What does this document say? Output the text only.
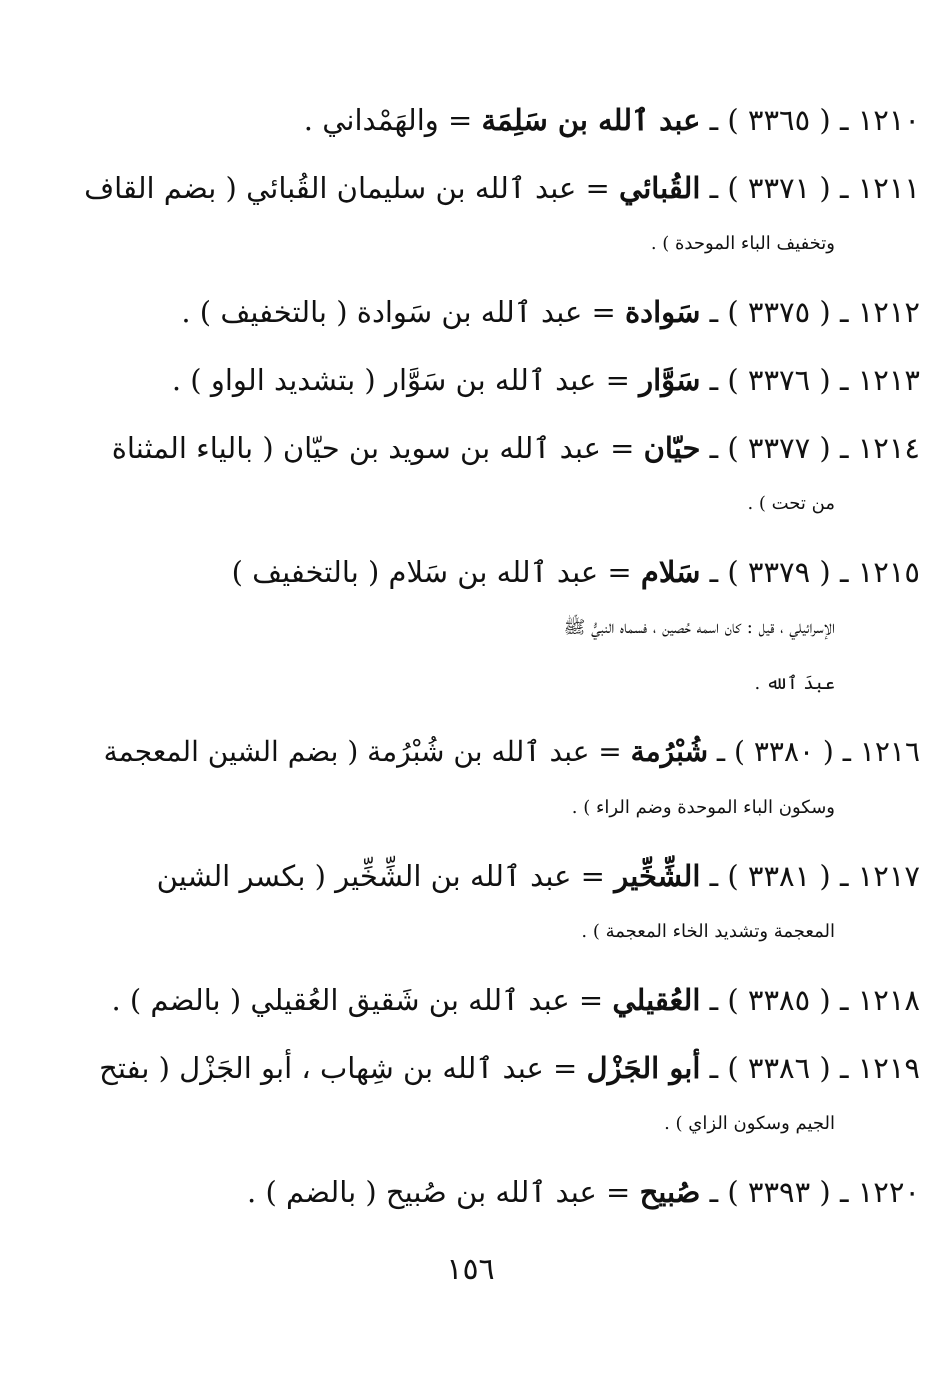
١٢١٠ ـ ( ٣٣٦٥ ) ـ عبد ٱلله بن سَلِمَة = والهَمْداني .
١٢١١ ـ ( ٣٣٧١ ) ـ القُبائي = عبد ٱلله بن سليمان القُبائي ( بضم القاف
وتخفيف الباء الموحدة ) .
١٢١٢ ـ ( ٣٣٧٥ ) ـ سَوادة = عبد ٱلله بن سَوادة ( بالتخفيف ) .
١٢١٣ ـ ( ٣٣٧٦ ) ـ سَوَّار = عبد ٱلله بن سَوَّار ( بتشديد الواو ) .
١٢١٤ ـ ( ٣٣٧٧ ) ـ حيّان = عبد ٱلله بن سويد بن حيّان ( بالياء المثناة
من تحت ) .
١٢١٥ ـ ( ٣٣٧٩ ) ـ سَلام = عبد ٱلله بن سَلام ( بالتخفيف )
الإسرائيلي ، قيل : كان اسمه حُصين ، فسماه النبيُّ ﷺ
عبدَ ٱلله .
١٢١٦ ـ ( ٣٣٨٠ ) ـ شُبْرُمة = عبد ٱلله بن شُبْرُمة ( بضم الشين المعجمة
وسكون الباء الموحدة وضم الراء ) .
١٢١٧ ـ ( ٣٣٨١ ) ـ الشِّخِّير = عبد ٱلله بن الشِّخِّير ( بكسر الشين
المعجمة وتشديد الخاء المعجمة ) .
١٢١٨ ـ ( ٣٣٨٥ ) ـ العُقيلي = عبد ٱلله بن شَقيق العُقيلي ( بالضم ) .
١٢١٩ ـ ( ٣٣٨٦ ) ـ أبو الجَزْل = عبد ٱلله بن شِهاب ، أبو الجَزْل ( بفتح
الجيم وسكون الزاي ) .
١٢٢٠ ـ ( ٣٣٩٣ ) ـ صُبيح = عبد ٱلله بن صُبيح ( بالضم ) .
١٥٦
